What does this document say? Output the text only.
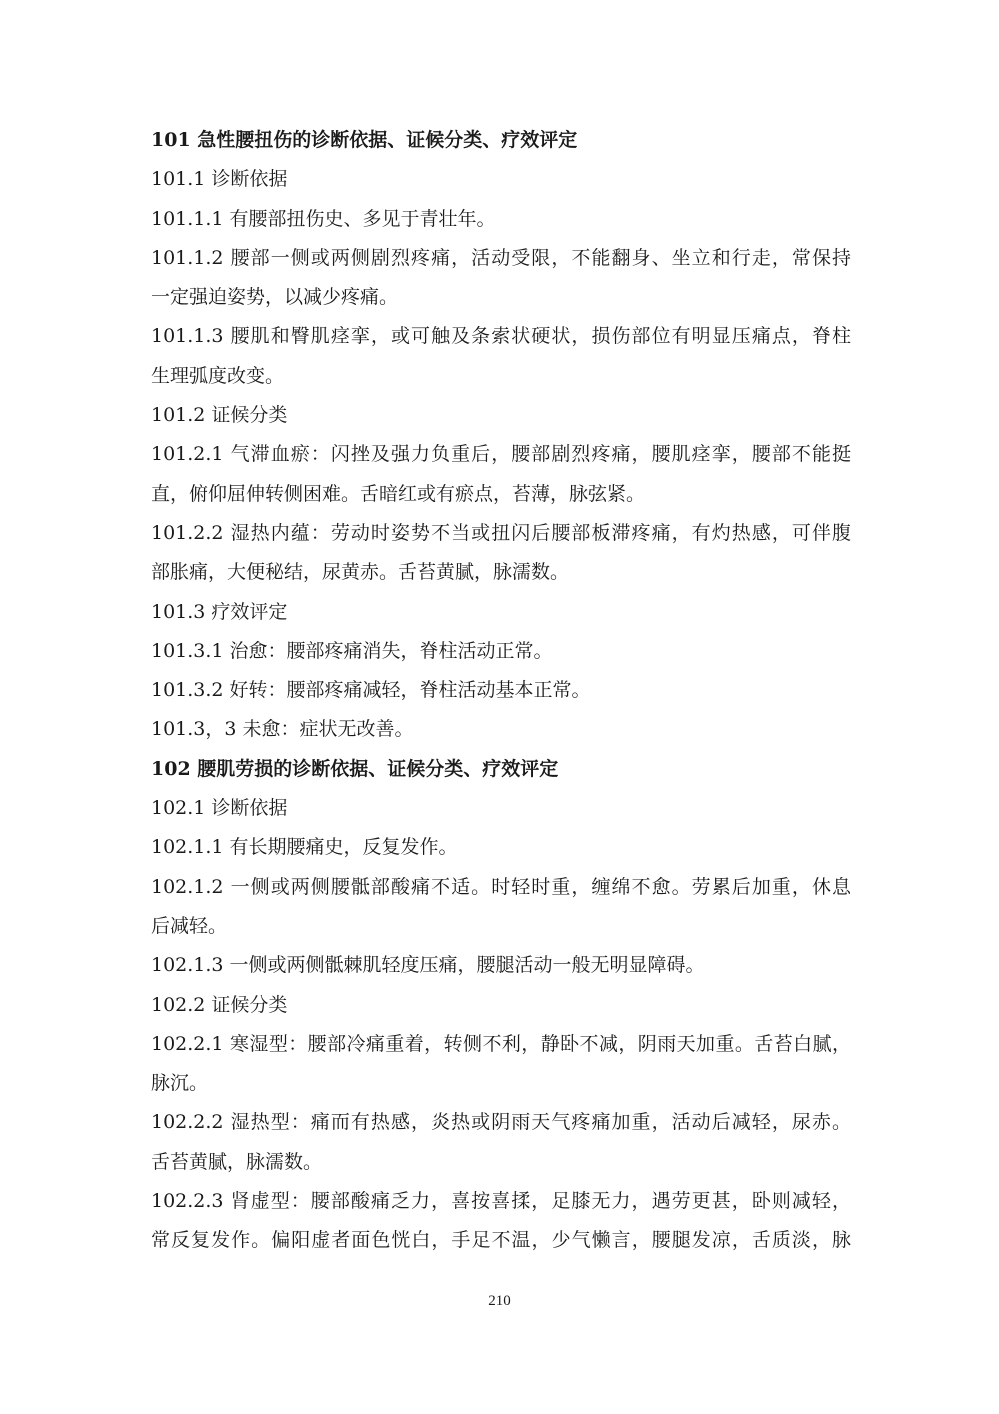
101 急性腰扭伤的诊断依据、证候分类、疗效评定
101.1 诊断依据
101.1.1 有腰部扭伤史、多见于青壮年。
101.1.2 腰部一侧或两侧剧烈疼痛，活动受限，不能翻身、坐立和行走，常保持
一定强迫姿势，以减少疼痛。
101.1.3 腰肌和臀肌痉挛，或可触及条索状硬状，损伤部位有明显压痛点，脊柱
生理弧度改变。
101.2 证候分类
101.2.1 气滞血瘀：闪挫及强力负重后，腰部剧烈疼痛，腰肌痉挛，腰部不能挺
直，俯仰屈伸转侧困难。舌暗红或有瘀点，苔薄，脉弦紧。
101.2.2 湿热内蕴：劳动时姿势不当或扭闪后腰部板滞疼痛，有灼热感，可伴腹
部胀痛，大便秘结，尿黄赤。舌苔黄腻，脉濡数。
101.3 疗效评定
101.3.1 治愈：腰部疼痛消失，脊柱活动正常。
101.3.2 好转：腰部疼痛减轻，脊柱活动基本正常。
101.3，3 未愈：症状无改善。
102 腰肌劳损的诊断依据、证候分类、疗效评定
102.1 诊断依据
102.1.1 有长期腰痛史，反复发作。
102.1.2 一侧或两侧腰骶部酸痛不适。时轻时重，缠绵不愈。劳累后加重，休息
后减轻。
102.1.3 一侧或两侧骶棘肌轻度压痛，腰腿活动一般无明显障碍。
102.2 证候分类
102.2.1 寒湿型：腰部冷痛重着，转侧不利，静卧不减，阴雨天加重。舌苔白腻，
脉沉。
102.2.2 湿热型：痛而有热感，炎热或阴雨天气疼痛加重，活动后减轻，尿赤。
舌苔黄腻，脉濡数。
102.2.3 肾虚型：腰部酸痛乏力，喜按喜揉，足膝无力，遇劳更甚，卧则减轻，
常反复发作。偏阳虚者面色恍白，手足不温，少气懒言，腰腿发凉，舌质淡，脉
210
